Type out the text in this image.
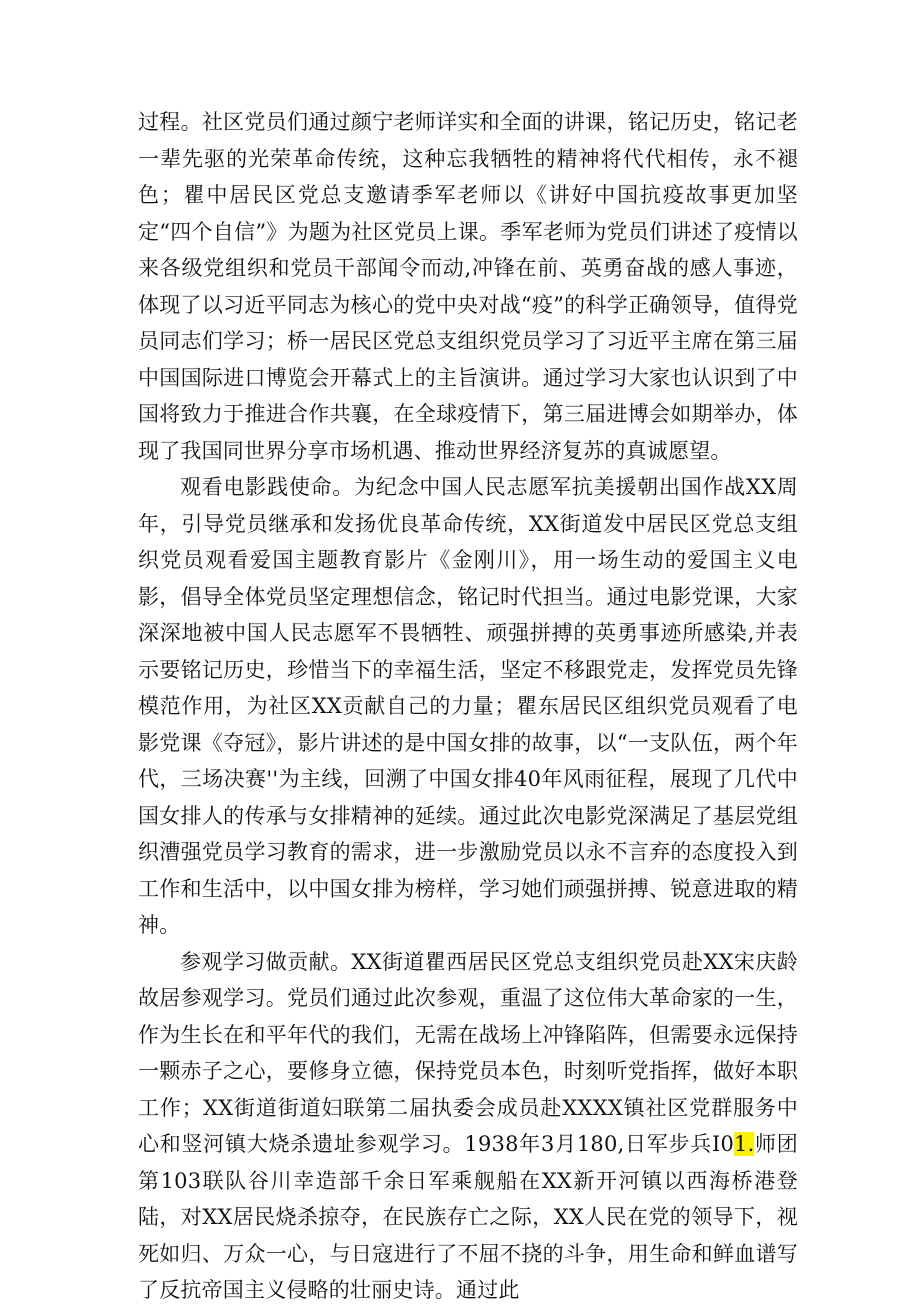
过程。社区党员们通过颜宁老师详实和全面的讲课，铭记历史，铭记老一辈先驱的光荣革命传统，这种忘我牺牲的精神将代代相传，永不褪色；瞿中居民区党总支邀请季军老师以《讲好中国抗疫故事更加坚定“四个自信”》为题为社区党员上课。季军老师为党员们讲述了疫情以来各级党组织和党员干部闻令而动,冲锋在前、英勇奋战的感人事迹，体现了以习近平同志为核心的党中央对战“疫”的科学正确领导，值得党员同志们学习；桥一居民区党总支组织党员学习了习近平主席在第三届中国国际进口博览会开幕式上的主旨演讲。通过学习大家也认识到了中国将致力于推进合作共襄，在全球疫情下，第三届进博会如期举办，体现了我国同世界分享市场机遇、推动世界经济复苏的真诚愿望。

观看电影践使命。为纪念中国人民志愿军抗美援朝出国作战XX周年，引导党员继承和发扬优良革命传统，XX街道发中居民区党总支组织党员观看爱国主题教育影片《金刚川》，用一场生动的爱国主义电影，倡导全体党员坚定理想信念，铭记时代担当。通过电影党课，大家深深地被中国人民志愿军不畏牺牲、顽强拼搏的英勇事迹所感染,并表示要铭记历史，珍惜当下的幸福生活，坚定不移跟党走，发挥党员先锋模范作用，为社区XX贡献自己的力量；瞿东居民区组织党员观看了电影党课《夺冠》，影片讲述的是中国女排的故事，以“一支队伍，两个年代，三场决赛''为主线，回溯了中国女排40年风雨征程，展现了几代中国女排人的传承与女排精神的延续。通过此次电影党深满足了基层党组织漕强党员学习教育的需求，进一步激励党员以永不言弃的态度投入到工作和生活中，以中国女排为榜样，学习她们顽强拼搏、锐意进取的精神。

参观学习做贡献。XX街道瞿西居民区党总支组织党员赴XX宋庆龄故居参观学习。党员们通过此次参观，重温了这位伟大革命家的一生，作为生长在和平年代的我们，无需在战场上冲锋陷阵，但需要永远保持一颗赤子之心，要修身立德，保持党员本色，时刻听党指挥，做好本职工作；XX街道街道妇联第二届执委会成员赴XXXX镇社区党群服务中心和竖河镇大烧杀遗址参观学习。1938年3月180,日军步兵I01.师团第103联队谷川幸造部千余日军乘舰船在XX新开河镇以西海桥港登陆，对XX居民烧杀掠夺，在民族存亡之际，XX人民在党的领导下，视死如归、万众一心，与日寇进行了不屈不挠的斗争，用生命和鲜血谱写了反抗帝国主义侵略的壮丽史诗。通过此
